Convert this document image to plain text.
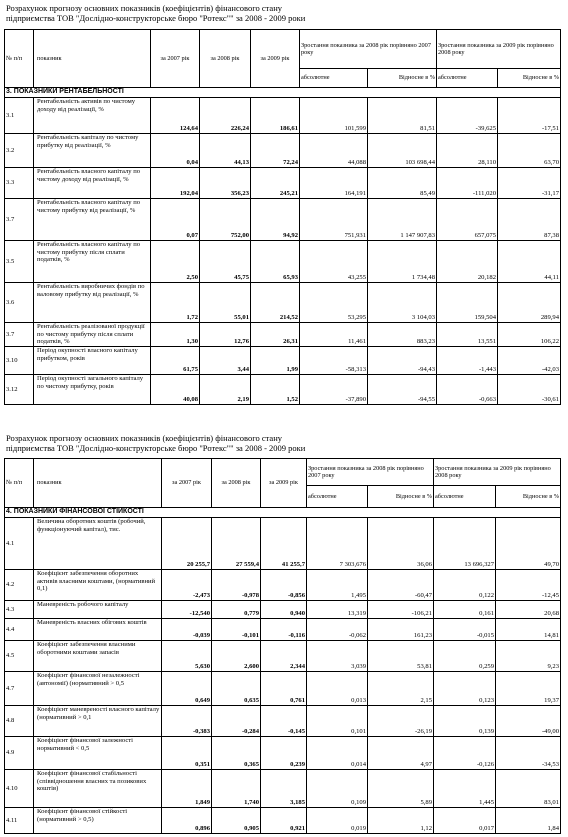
Розрахунок прогнозу основних показників (коефіцієнтів) фінансового стану
підприємства ТОВ "Дослідно-конструкторське бюро "Ротекс"" за 2008 - 2009 роки
№ п/п	показник	за 2007 рік	за 2008 рік	за 2009 рік	Зростання показника за 2008 рік порівняно 2007 року		Зростання показника за 2009 рік порівняно 2008 року	
					абсолютне	Відносне в %	абсолютне	Відносне в %
3. ПОКАЗНИКИ РЕНТАБЕЛЬНОСТІ								
3.1	Рентабельність активів по чистому доходу від реалізації, %	124,64	226,24	186,61	101,599	81,51	-39,625	-17,51
3.2	Рентабельність капіталу по чистому прибутку від реалізації, %	0,04	44,13	72,24	44,088	103 698,44	28,110	63,70
3.3	Рентабельність власного капіталу по чистому доходу від реалізації, %	192,04	356,23	245,21	164,191	85,49	-111,020	-31,17
3.7	Рентабельність власного капіталу по чистому прибутку від реалізації, %	0,07	752,00	94,92	751,931	1 147 907,83	657,075	87,38
3.5	Рентабельність власного капіталу по чистому прибутку після сплати податків, %	2,50	45,75	65,93	43,255	1 734,48	20,182	44,11
3.6	Рентабельність виробничих фондів по валовому прибутку від реалізації, %	1,72	55,01	214,52	53,295	3 104,03	159,504	289,94
3.7	Рентабельність реалізованої продукції по чистому прибутку після сплати податків, %	1,30	12,76	26,31	11,461	883,23	13,551	106,22
3.10	Період окупності власного капіталу прибутком, років	61,75	3,44	1,99	-58,313	-94,43	-1,443	-42,03
3.12	Період окупності загального капіталу по чистому прибутку, років	40,08	2,19	1,52	-37,890	-94,55	-0,663	-30,61
Розрахунок прогнозу основних показників (коефіцієнтів) фінансового стану
підприємства ТОВ "Дослідно-конструкторське бюро "Ротекс"" за 2008 - 2009 роки
№ п/п	показник	за 2007 рік	за 2008 рік	за 2009 рік	Зростання показника за 2008 рік порівняно 2007 року		Зростання показника за 2009 рік порівняно 2008 року	
					абсолютне	Відносне в %	абсолютне	Відносне в %
4. ПОКАЗНИКИ ФІНАНСОВОЇ СТІЙКОСТІ								
4.1	Величина оборотних коштів (робочий, функціонуючий капітал), тис.	20 255,7	27 559,4	41 255,7	7 303,676	36,06	13 696,327	49,70
4.2	Коефіцієнт забезпечення оборотних активів власними коштами, (нормативний 0,1)	-2,473	-0,978	-0,856	1,495	-60,47	0,122	-12,45
4.3	Маневреність робочого капіталу	-12,540	0,779	0,940	13,319	-106,21	0,161	20,68
4.4	Маневреність власних обігових коштів	-0,039	-0,101	-0,116	-0,062	161,23	-0,015	14,81
4.5	Коефіцієнт забезпечення власними оборотними коштами запасів	5,630	2,600	2,344	3,039	53,81	0,259	9,23
4.7	Коефіцієнт фінансової незалежності (автономії) (нормативний > 0,5	0,649	0,635	0,761	0,013	2,15	0,123	19,37
4.8	Коефіцієнт маневреності власного капіталу (нормативний > 0,1	-0,383	-0,284	-0,145	0,101	-26,19	0,139	-49,00
4.9	Коефіцієнт фінансової залежності нормативний < 0,5	0,351	0,365	0,239	0,014	4,97	-0,126	-34,53
4.10	Коефіцієнт фінансової стабільності (співвідношення власних та позикових коштів)	1,849	1,740	3,185	0,109	5,89	1,445	83,01
4.11	Коефіцієнт фінансової стійкості (нормативний > 0,5)	0,896	0,905	0,921	0,019	1,12	0,017	1,84
